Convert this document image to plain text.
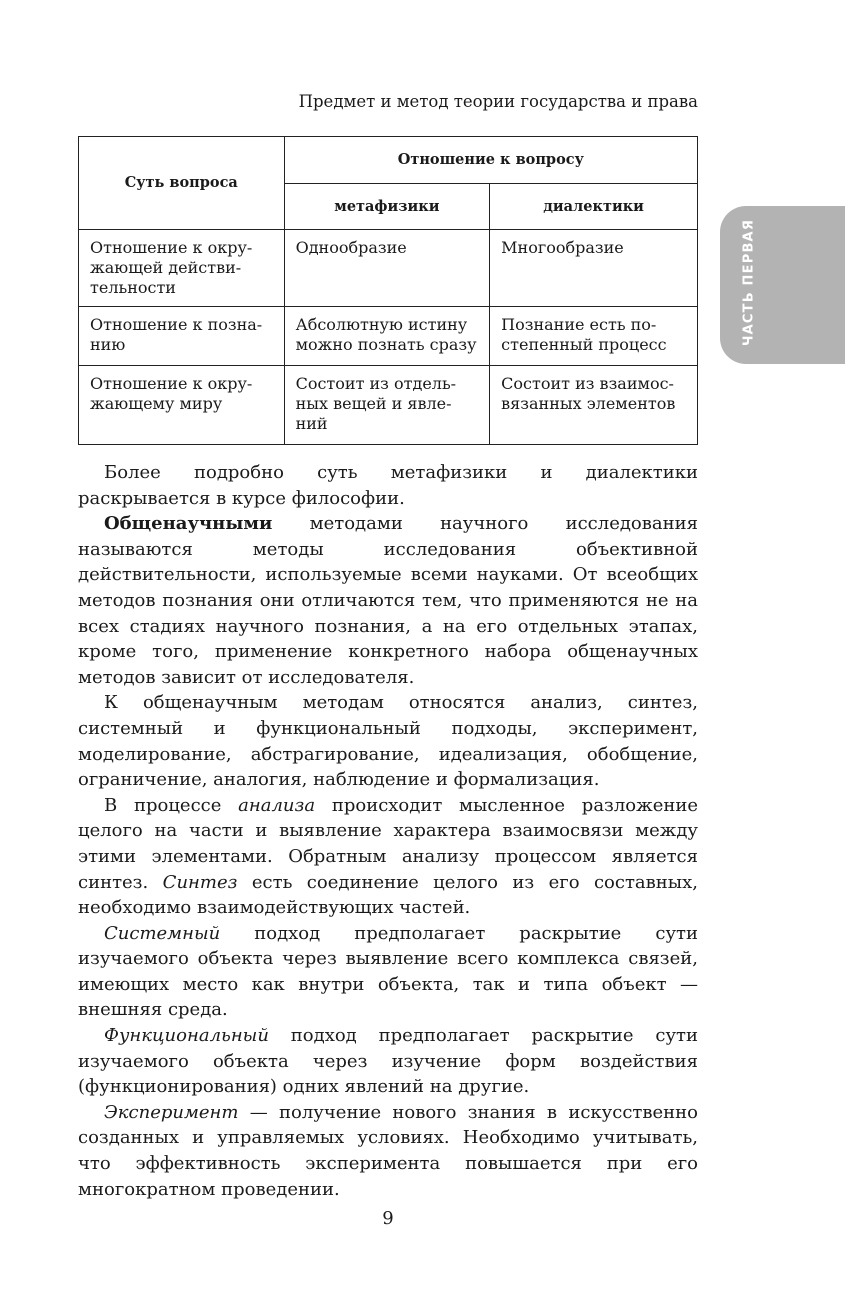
Предмет и метод теории государства и права
ЧАСТЬ ПЕРВАЯ
Суть вопроса	Отношение к вопросу	
	метафизики	диалектики
Отношение к окру-жающей действи-тельности	Однообразие	Многообразие
Отношение к позна-нию	Абсолютную истину можно познать сразу	Познание есть по-степенный процесс
Отношение к окру-жающему миру	Состоит из отдель-ных вещей и явле-ний	Состоит из взаимос-вязанных элементов

Более подробно суть метафизики и диалектики раскрывается в курсе философии.

Общенаучными методами научного исследования называются методы исследования объективной действительности, используемые всеми науками. От всеобщих методов познания они отличаются тем, что применяются не на всех стадиях научного познания, а на его отдельных этапах, кроме того, применение конкретного набора общенаучных методов зависит от исследователя.

К общенаучным методам относятся анализ, синтез, системный и функциональный подходы, эксперимент, моделирование, абстрагирование, идеализация, обобщение, ограничение, аналогия, наблюдение и формализация.

В процессе анализа происходит мысленное разложение целого на части и выявление характера взаимосвязи между этими элементами. Обратным анализу процессом является синтез. Синтез есть соединение целого из его составных, необходимо взаимодействующих частей.

Системный подход предполагает раскрытие сути изучаемого объекта через выявление всего комплекса связей, имеющих место как внутри объекта, так и типа объект — внешняя среда.

Функциональный подход предполагает раскрытие сути изучаемого объекта через изучение форм воздействия (функционирования) одних явлений на другие.

Эксперимент — получение нового знания в искусственно созданных и управляемых условиях. Необходимо учитывать, что эффективность эксперимента повышается при его многократном проведении.

9
